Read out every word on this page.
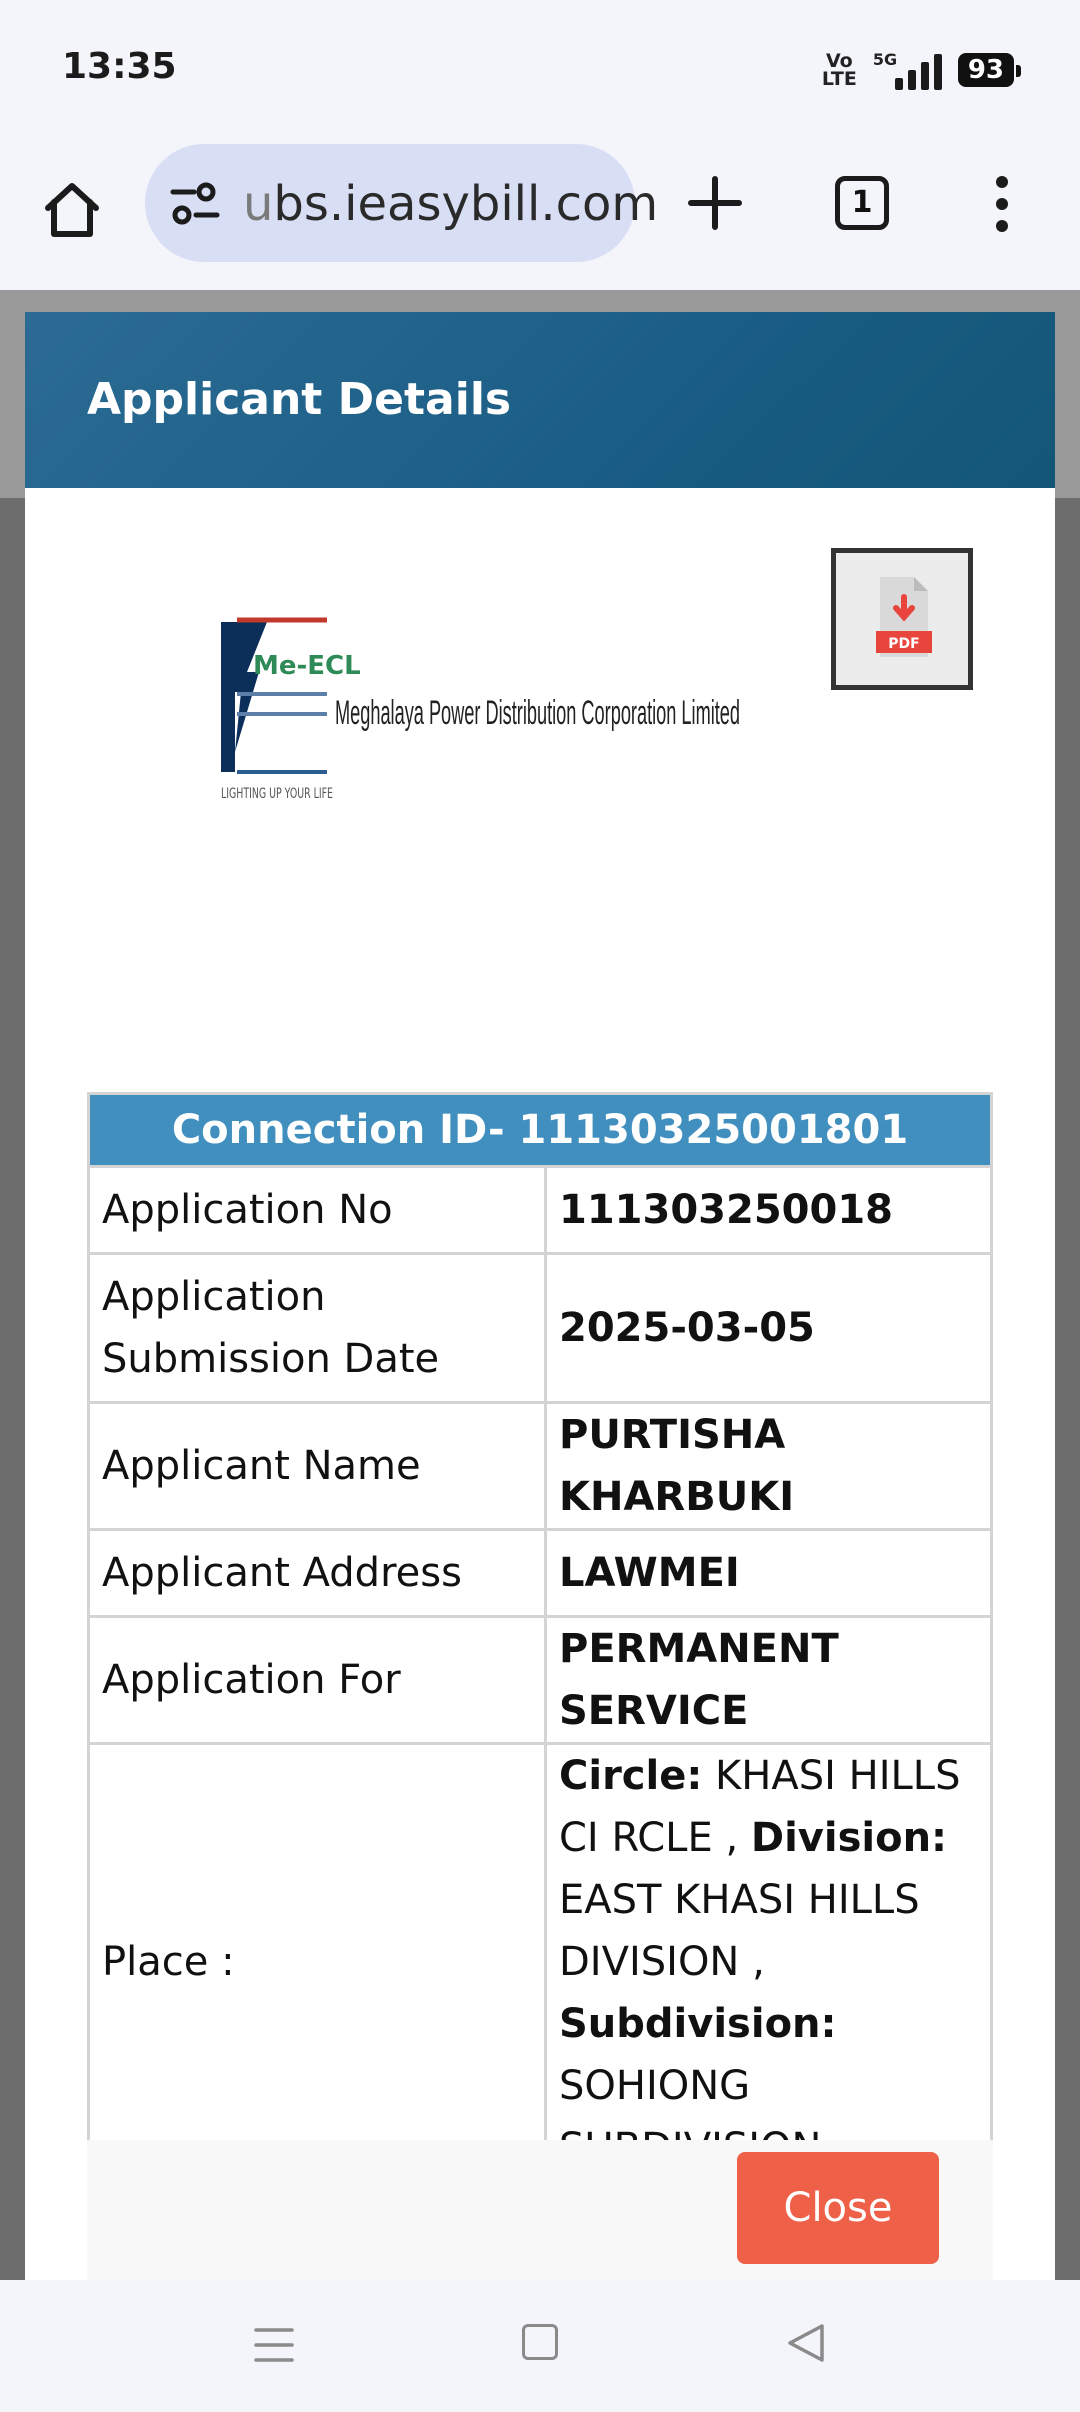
13:35	Vo
LTE
5G	93
ubs.ieasybill.com	1
Applicant Details
Me-ECL
Meghalaya Power Distribution Corporation Limited
LIGHTING UP YOUR LIFE
PDF
Connection ID- 11130325001801	
Application No	111303250018
Application Submission Date	2025-03-05
Applicant Name	PURTISHA KHARBUKI
Applicant Address	LAWMEI
Application For	PERMANENT SERVICE
Place :	Circle: KHASI HILLS CI RCLE , Division: EAST KHASI HILLS DIVISION , Subdivision: SOHIONG
Close
